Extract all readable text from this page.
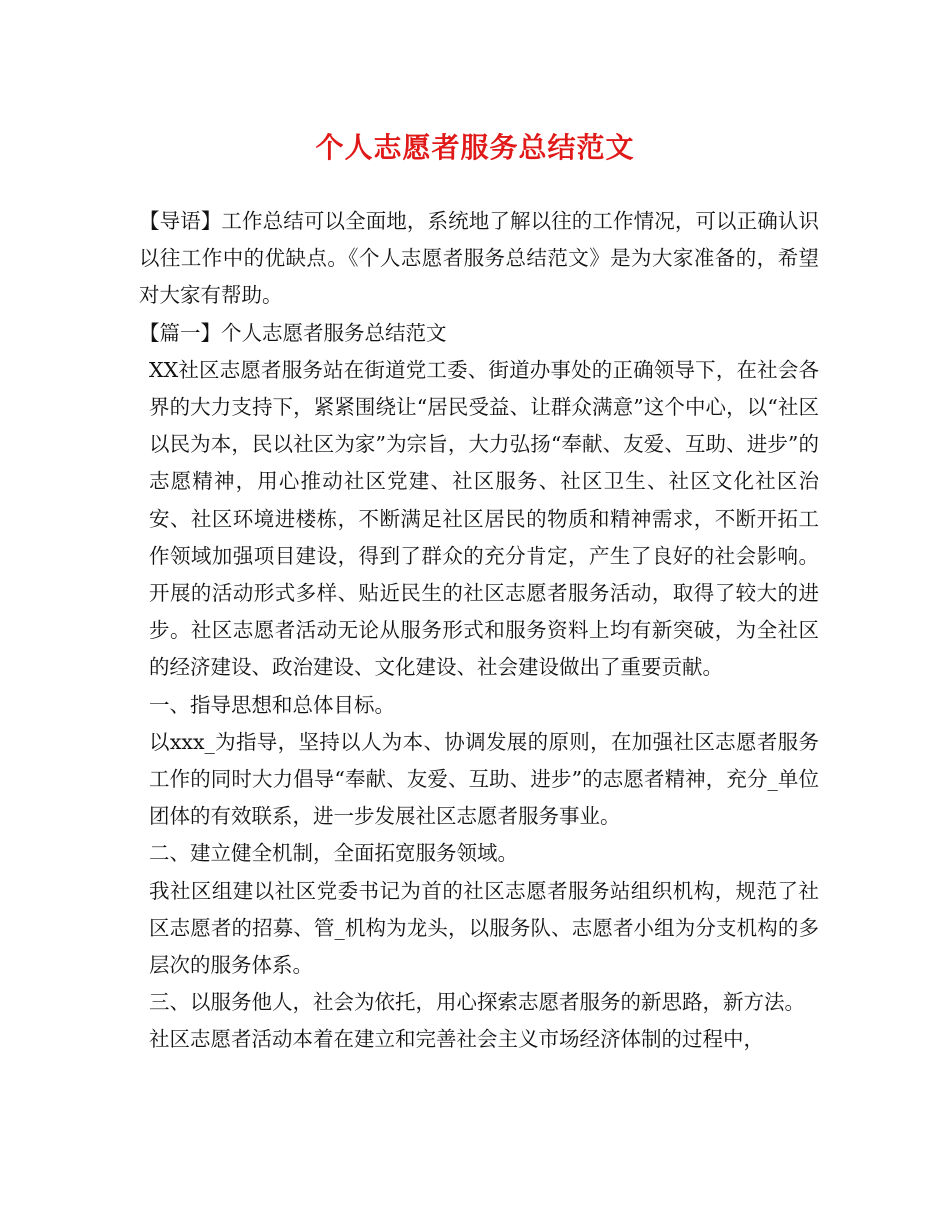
个人志愿者服务总结范文

【导语】工作总结可以全面地，系统地了解以往的工作情况，可以正确认识以往工作中的优缺点。《个人志愿者服务总结范文》是为大家准备的，希望对大家有帮助。

【篇一】个人志愿者服务总结范文

XX社区志愿者服务站在街道党工委、街道办事处的正确领导下，在社会各界的大力支持下，紧紧围绕让“居民受益、让群众满意”这个中心，以“社区以民为本，民以社区为家”为宗旨，大力弘扬“奉献、友爱、互助、进步”的志愿精神，用心推动社区党建、社区服务、社区卫生、社区文化社区治安、社区环境进楼栋，不断满足社区居民的物质和精神需求，不断开拓工作领域加强项目建设，得到了群众的充分肯定，产生了良好的社会影响。开展的活动形式多样、贴近民生的社区志愿者服务活动，取得了较大的进步。社区志愿者活动无论从服务形式和服务资料上均有新突破，为全社区的经济建设、政治建设、文化建设、社会建设做出了重要贡献。

一、指导思想和总体目标。

以xxx_为指导，坚持以人为本、协调发展的原则，在加强社区志愿者服务工作的同时大力倡导“奉献、友爱、互助、进步”的志愿者精神，充分_单位团体的有效联系，进一步发展社区志愿者服务事业。

二、建立健全机制，全面拓宽服务领域。

我社区组建以社区党委书记为首的社区志愿者服务站组织机构，规范了社区志愿者的招募、管_机构为龙头，以服务队、志愿者小组为分支机构的多层次的服务体系。

三、以服务他人，社会为依托，用心探索志愿者服务的新思路，新方法。

社区志愿者活动本着在建立和完善社会主义市场经济体制的过程中，
